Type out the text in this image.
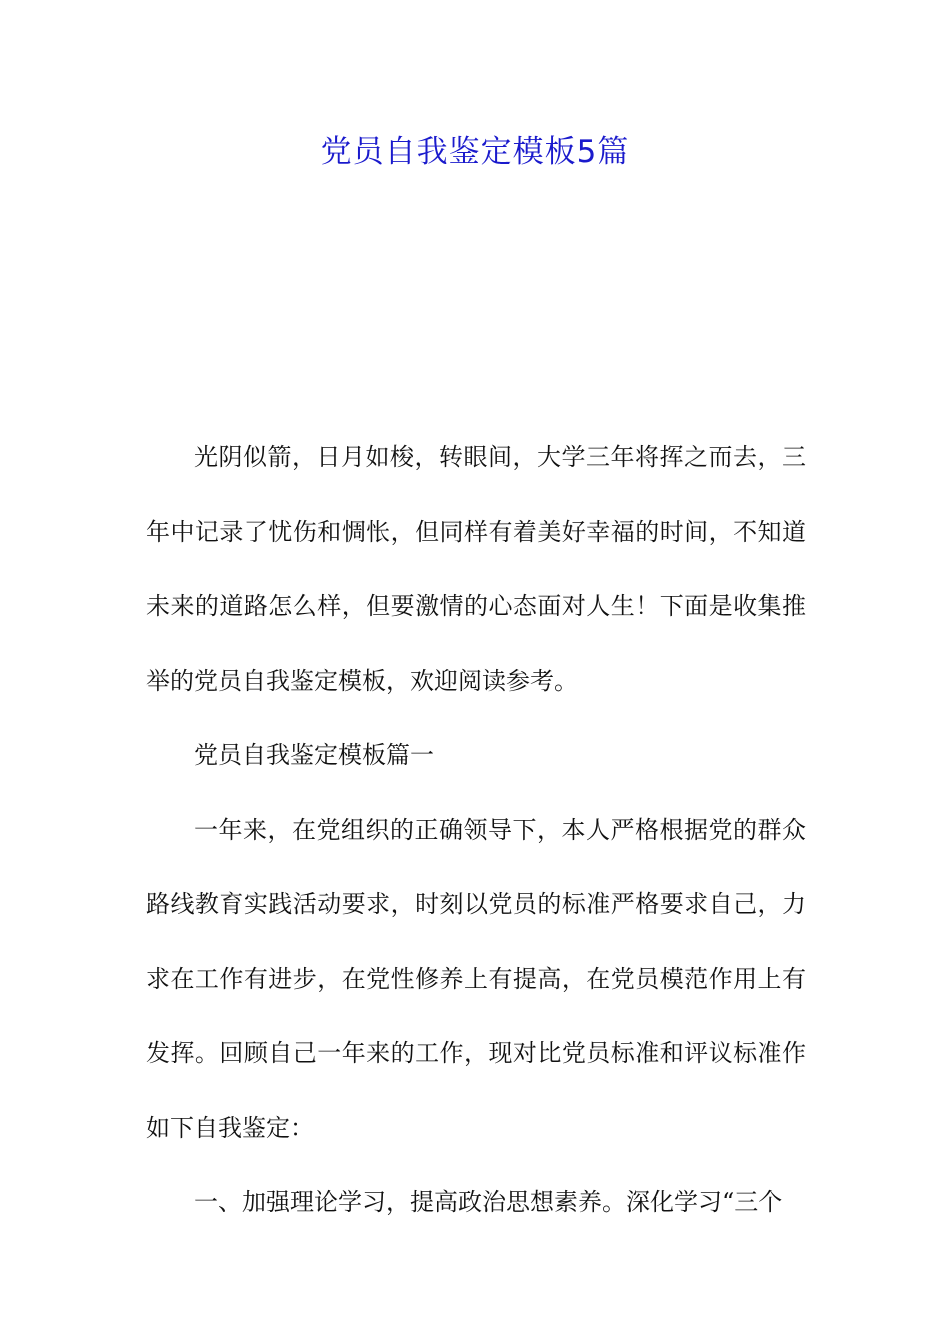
党员自我鉴定模板5篇

光阴似箭，日月如梭，转眼间，大学三年将挥之而去，三年中记录了忧伤和惆怅，但同样有着美好幸福的时间，不知道未来的道路怎么样，但要激情的心态面对人生！下面是收集推举的党员自我鉴定模板，欢迎阅读参考。

党员自我鉴定模板篇一

一年来，在党组织的正确领导下，本人严格根据党的群众路线教育实践活动要求，时刻以党员的标准严格要求自己，力求在工作有进步，在党性修养上有提高，在党员模范作用上有发挥。回顾自己一年来的工作，现对比党员标准和评议标准作如下自我鉴定：

一、加强理论学习，提高政治思想素养。深化学习“三个
